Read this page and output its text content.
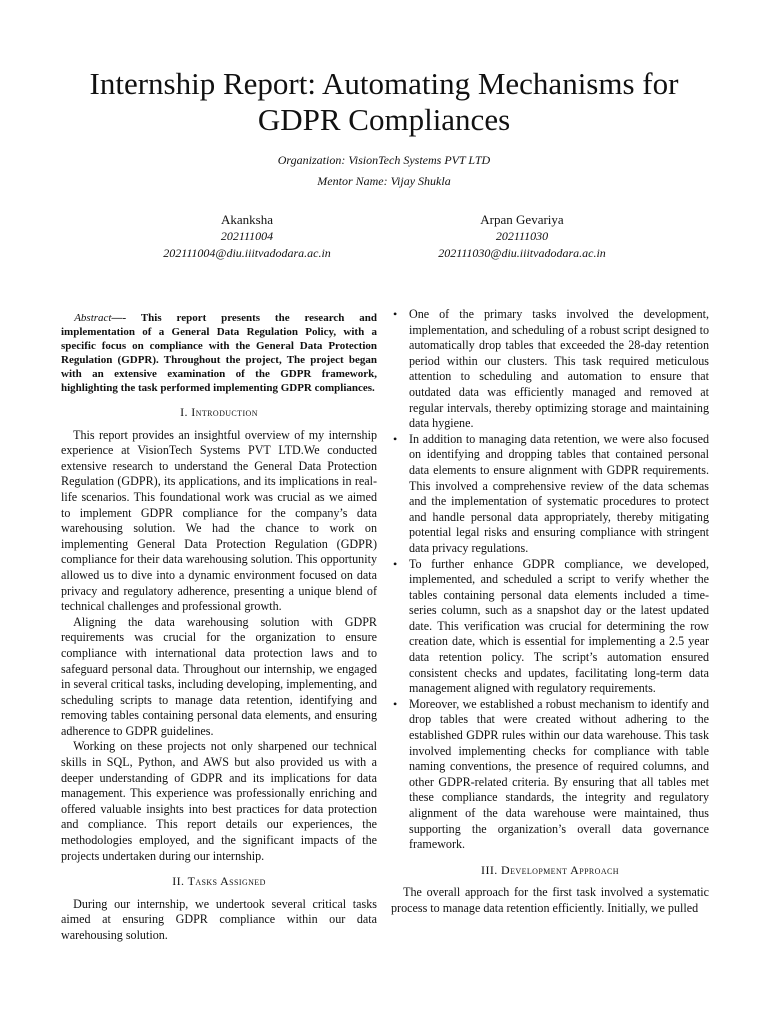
Internship Report: Automating Mechanisms for
GDPR Compliances
Organization: VisionTech Systems PVT LTD
Mentor Name: Vijay Shukla
Akanksha
202111004
202111004@diu.iiitvadodara.ac.in
Arpan Gevariya
202111030
202111030@diu.iiitvadodara.ac.in

Abstract—- This report presents the research and implementation of a General Data Regulation Policy, with a specific focus on compliance with the General Data Protection Regulation (GDPR). Throughout the project, The project began with an extensive examination of the GDPR framework, highlighting the task performed implementing GDPR compliances.

I. Introduction

This report provides an insightful overview of my internship experience at VisionTech Systems PVT LTD.We conducted extensive research to understand the General Data Protection Regulation (GDPR), its applications, and its implications in real-life scenarios. This foundational work was crucial as we aimed to implement GDPR compliance for the company’s data warehousing solution. We had the chance to work on implementing General Data Protection Regulation (GDPR) compliance for their data warehousing solution. This opportunity allowed us to dive into a dynamic environment focused on data privacy and regulatory adherence, presenting a unique blend of technical challenges and professional growth.

Aligning the data warehousing solution with GDPR requirements was crucial for the organization to ensure compliance with international data protection laws and to safeguard personal data. Throughout our internship, we engaged in several critical tasks, including developing, implementing, and scheduling scripts to manage data retention, identifying and removing tables containing personal data elements, and ensuring adherence to GDPR guidelines.

Working on these projects not only sharpened our technical skills in SQL, Python, and AWS but also provided us with a deeper understanding of GDPR and its implications for data management. This experience was professionally enriching and offered valuable insights into best practices for data protection and compliance. This report details our experiences, the methodologies employed, and the significant impacts of the projects undertaken during our internship.

II. Tasks Assigned

During our internship, we undertook several critical tasks aimed at ensuring GDPR compliance within our data warehousing solution.

• One of the primary tasks involved the development, implementation, and scheduling of a robust script designed to automatically drop tables that exceeded the 28-day retention period within our clusters. This task required meticulous attention to scheduling and automation to ensure that outdated data was efficiently managed and removed at regular intervals, thereby optimizing storage and maintaining data hygiene.
• In addition to managing data retention, we were also focused on identifying and dropping tables that contained personal data elements to ensure alignment with GDPR requirements. This involved a comprehensive review of the data schemas and the implementation of systematic procedures to protect and handle personal data appropriately, thereby mitigating potential legal risks and ensuring compliance with stringent data privacy regulations.
• To further enhance GDPR compliance, we developed, implemented, and scheduled a script to verify whether the tables containing personal data elements included a time-series column, such as a snapshot day or the latest updated date. This verification was crucial for determining the row creation date, which is essential for implementing a 2.5 year data retention policy. The script’s automation ensured consistent checks and updates, facilitating long-term data management aligned with regulatory requirements.
• Moreover, we established a robust mechanism to identify and drop tables that were created without adhering to the established GDPR rules within our data warehouse. This task involved implementing checks for compliance with table naming conventions, the presence of required columns, and other GDPR-related criteria. By ensuring that all tables met these compliance standards, the integrity and regulatory alignment of the data warehouse were maintained, thus supporting the organization’s overall data governance framework.
III. Development Approach

The overall approach for the first task involved a systematic process to manage data retention efficiently. Initially, we pulled
